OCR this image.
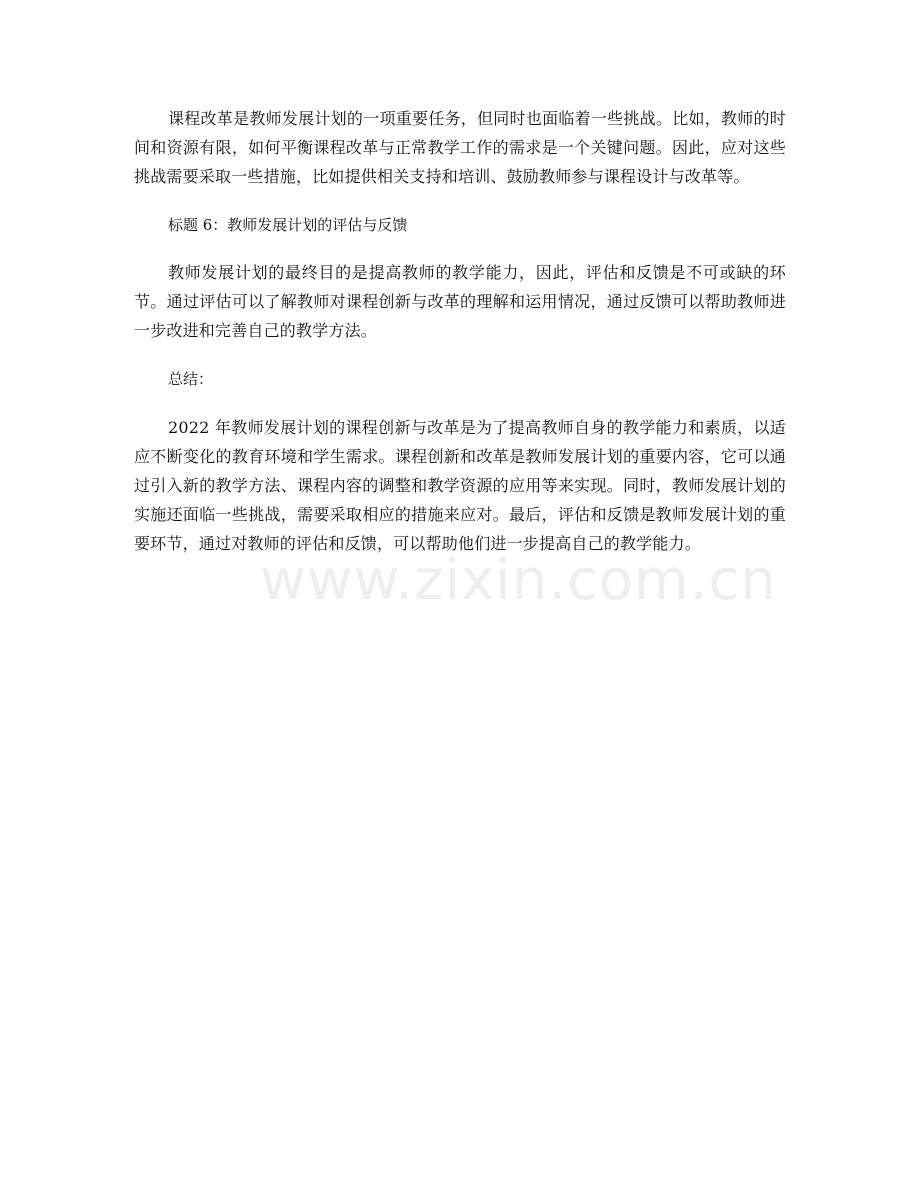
课程改革是教师发展计划的一项重要任务，但同时也面临着一些挑战。比如，教师的时间和资源有限，如何平衡课程改革与正常教学工作的需求是一个关键问题。因此，应对这些挑战需要采取一些措施，比如提供相关支持和培训、鼓励教师参与课程设计与改革等。

标题 6：教师发展计划的评估与反馈

教师发展计划的最终目的是提高教师的教学能力，因此，评估和反馈是不可或缺的环节。通过评估可以了解教师对课程创新与改革的理解和运用情况，通过反馈可以帮助教师进一步改进和完善自己的教学方法。

总结：

2022 年教师发展计划的课程创新与改革是为了提高教师自身的教学能力和素质，以适应不断变化的教育环境和学生需求。课程创新和改革是教师发展计划的重要内容，它可以通过引入新的教学方法、课程内容的调整和教学资源的应用等来实现。同时，教师发展计划的实施还面临一些挑战，需要采取相应的措施来应对。最后，评估和反馈是教师发展计划的重要环节，通过对教师的评估和反馈，可以帮助他们进一步提高自己的教学能力。

www.zixin.com.cn
